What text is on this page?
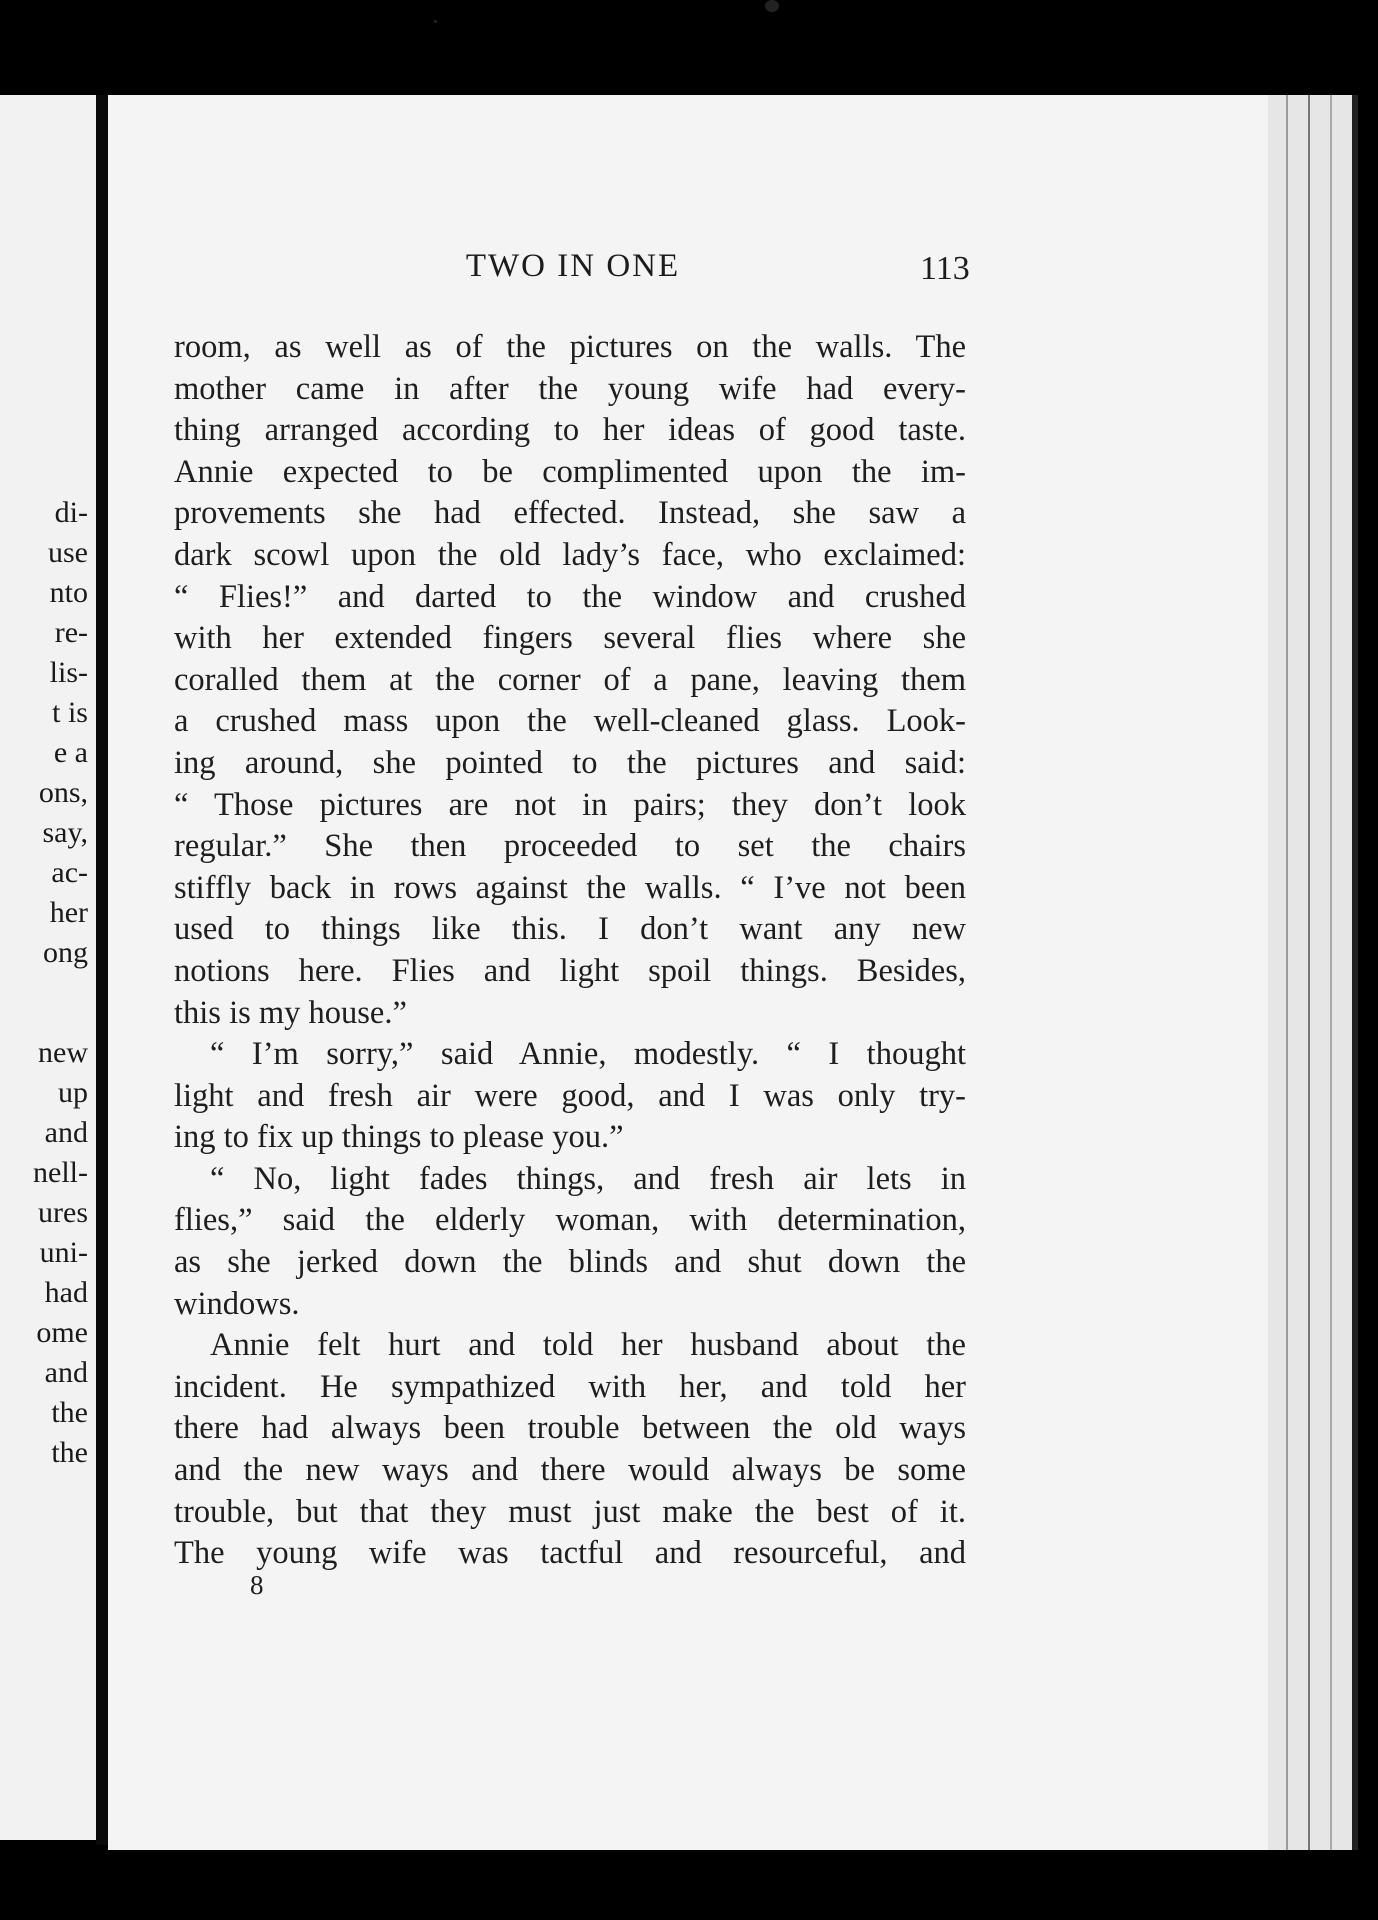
di-
use
nto
re-
lis-
t is
e a
ons,
say,
ac-
her
ong
new
up
and
nell-
ures
uni-
had
ome
and
the
the
TWO IN ONE	113
room, as well as of the pictures on the walls. The
mother came in after the young wife had every-
thing arranged according to her ideas of good taste.
Annie expected to be complimented upon the im-
provements she had effected. Instead, she saw a
dark scowl upon the old lady’s face, who exclaimed:
“ Flies!” and darted to the window and crushed
with her extended fingers several flies where she
coralled them at the corner of a pane, leaving them
a crushed mass upon the well-cleaned glass. Look-
ing around, she pointed to the pictures and said:
“ Those pictures are not in pairs; they don’t look
regular.” She then proceeded to set the chairs
stiffly back in rows against the walls. “ I’ve not been
used to things like this. I don’t want any new
notions here. Flies and light spoil things. Besides,
this is my house.”
“ I’m sorry,” said Annie, modestly. “ I thought
light and fresh air were good, and I was only try-
ing to fix up things to please you.”
“ No, light fades things, and fresh air lets in
flies,” said the elderly woman, with determination,
as she jerked down the blinds and shut down the
windows.
Annie felt hurt and told her husband about the
incident. He sympathized with her, and told her
there had always been trouble between the old ways
and the new ways and there would always be some
trouble, but that they must just make the best of it.
The young wife was tactful and resourceful, and
8
